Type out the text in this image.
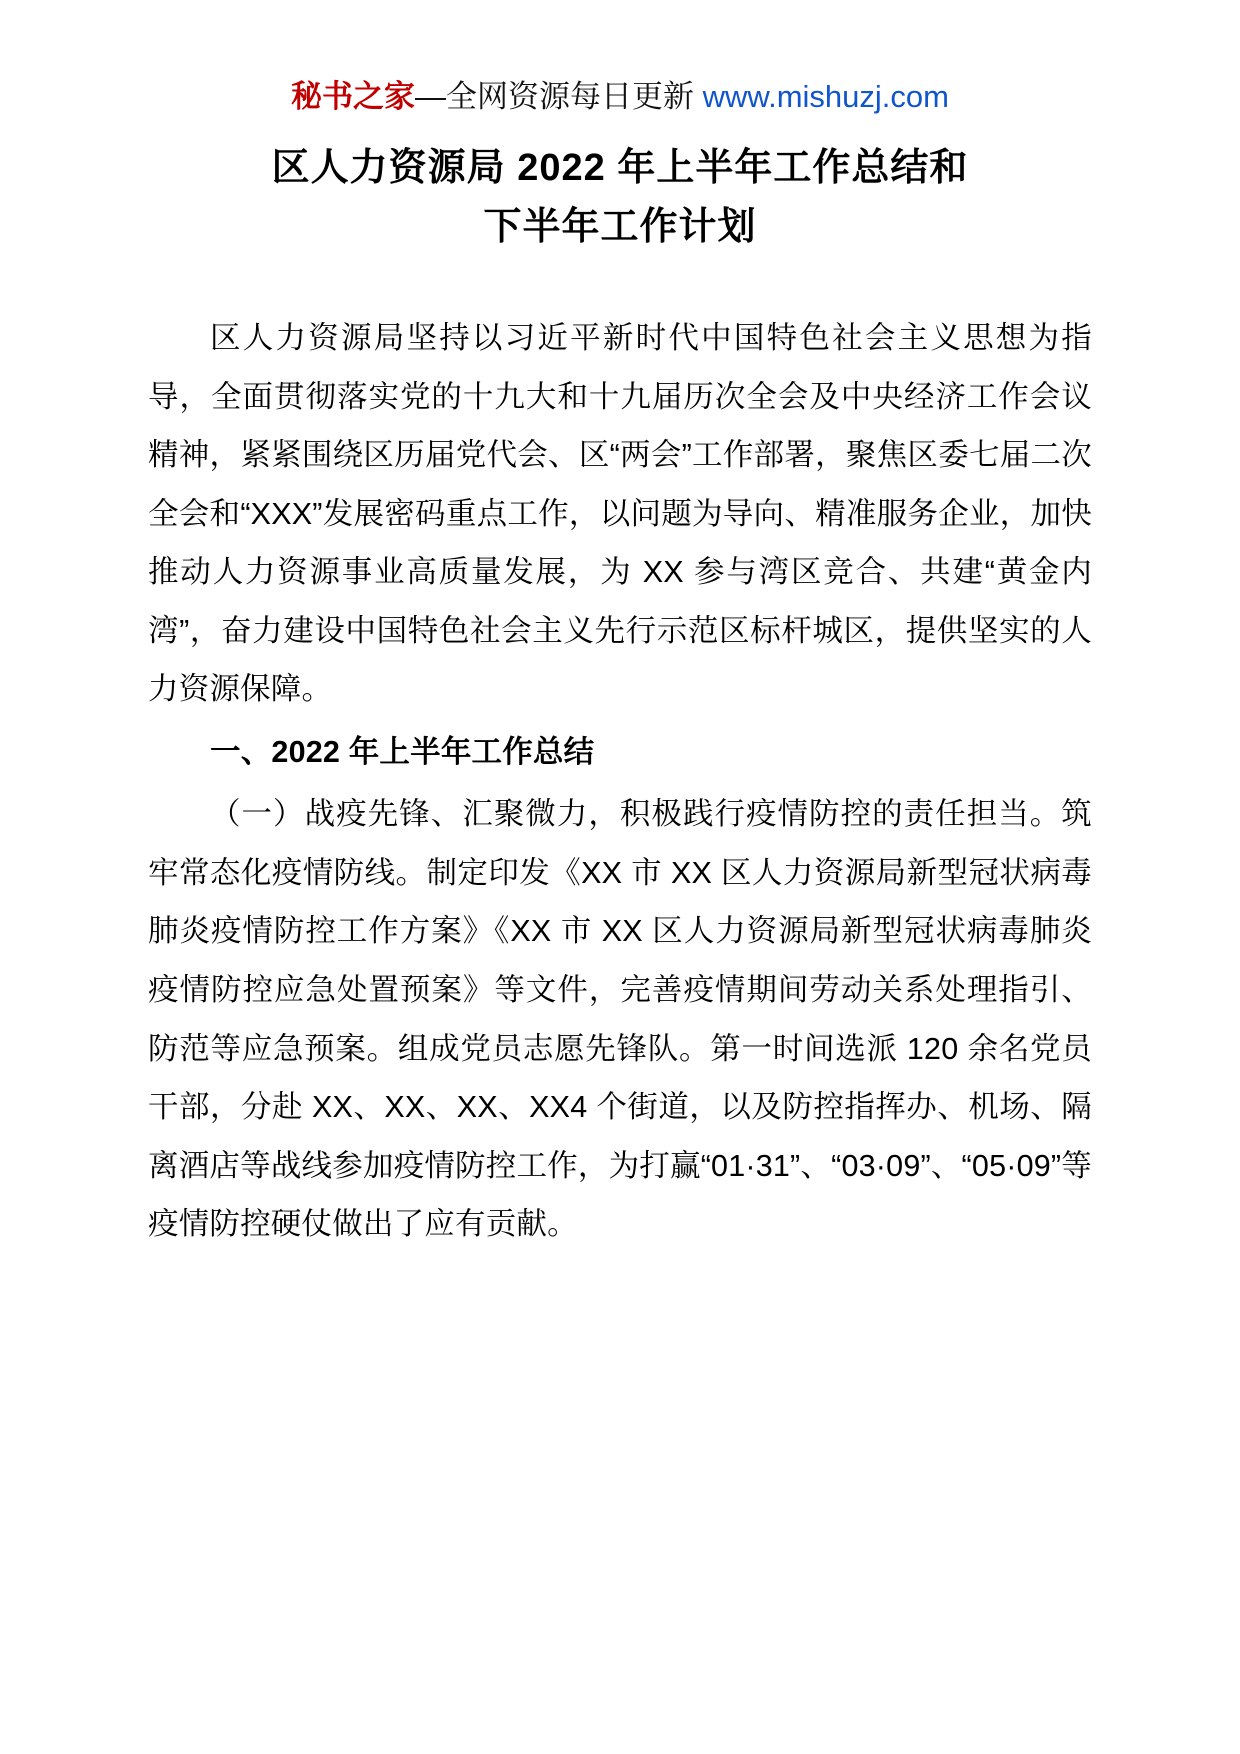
秘书之家—全网资源每日更新 www.mishuzj.com
区人力资源局 2022 年上半年工作总结和
下半年工作计划

区人力资源局坚持以习近平新时代中国特色社会主义思想为指导，全面贯彻落实党的十九大和十九届历次全会及中央经济工作会议精神，紧紧围绕区历届党代会、区“两会”工作部署，聚焦区委七届二次全会和“XXX”发展密码重点工作，以问题为导向、精准服务企业，加快推动人力资源事业高质量发展，为 XX 参与湾区竞合、共建“黄金内湾”，奋力建设中国特色社会主义先行示范区标杆城区，提供坚实的人力资源保障。

一、2022 年上半年工作总结

（一）战疫先锋、汇聚微力，积极践行疫情防控的责任担当。筑牢常态化疫情防线。制定印发《XX 市 XX 区人力资源局新型冠状病毒肺炎疫情防控工作方案》《XX 市 XX 区人力资源局新型冠状病毒肺炎疫情防控应急处置预案》等文件，完善疫情期间劳动关系处理指引、防范等应急预案。组成党员志愿先锋队。第一时间选派 120 余名党员干部，分赴 XX、XX、XX、XX4 个街道，以及防控指挥办、机场、隔离酒店等战线参加疫情防控工作，为打赢“01·31”、“03·09”、“05·09”等疫情防控硬仗做出了应有贡献。
